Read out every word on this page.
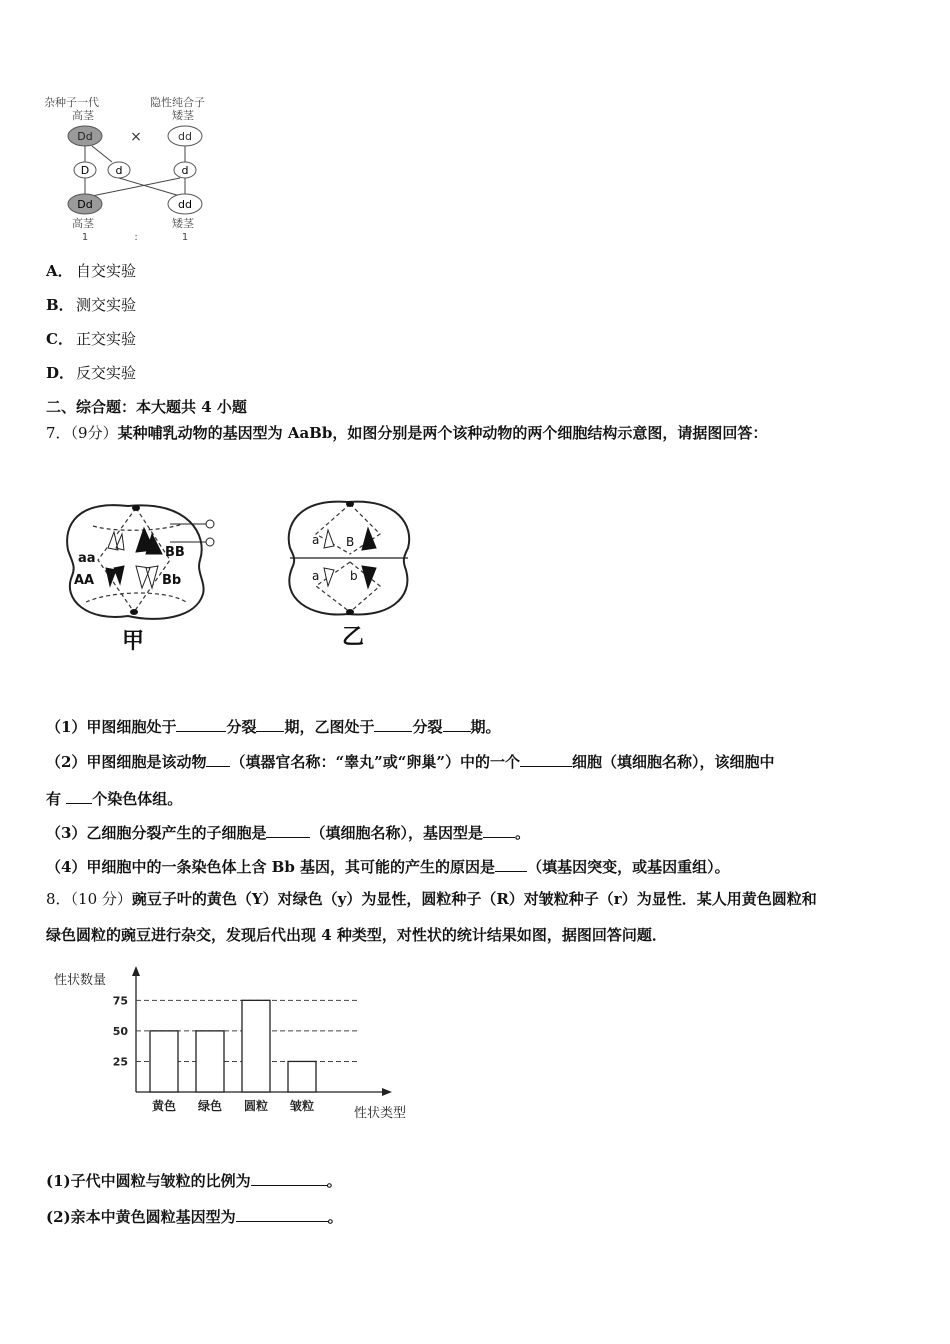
杂种子一代	隐性纯合子
高茎	矮茎
Dd	×	dd
D d	d
Dd	dd
高茎	矮茎
1	:	1
A． 自交实验
B． 测交实验
C． 正交实验
D． 反交实验
二、综合题：本大题共 4 小题
7．（9分）某种哺乳动物的基因型为 AaBb，如图分别是两个该种动物的两个细胞结构示意图，请据图回答：
aa	BB
AA	Bb
甲
a B
a	b
乙
（1）甲图细胞处于	分裂 期，乙图处于	分裂 期。
（2）甲图细胞是该动物 （填器官名称：“睾丸”或“卵巢”）中的一个	细胞（填细胞名称），该细胞中
有 个染色体组。
（3）乙细胞分裂产生的子细胞是	（填细胞名称），基因型是 。
（4）甲细胞中的一条染色体上含 Bb 基因，其可能的产生的原因是 （填基因突变，或基因重组）。
8．（10 分）豌豆子叶的黄色（Y）对绿色（y）为显性，圆粒种子（R）对皱粒种子（r）为显性．某人用黄色圆粒和
绿色圆粒的豌豆进行杂交，发现后代出现 4 种类型，对性状的统计结果如图，据图回答问题．
性状数量
性状类型
25
50
75
黄色 绿色 圆粒 皱粒
(1)子代中圆粒与皱粒的比例为	。
(2)亲本中黄色圆粒基因型为	。
